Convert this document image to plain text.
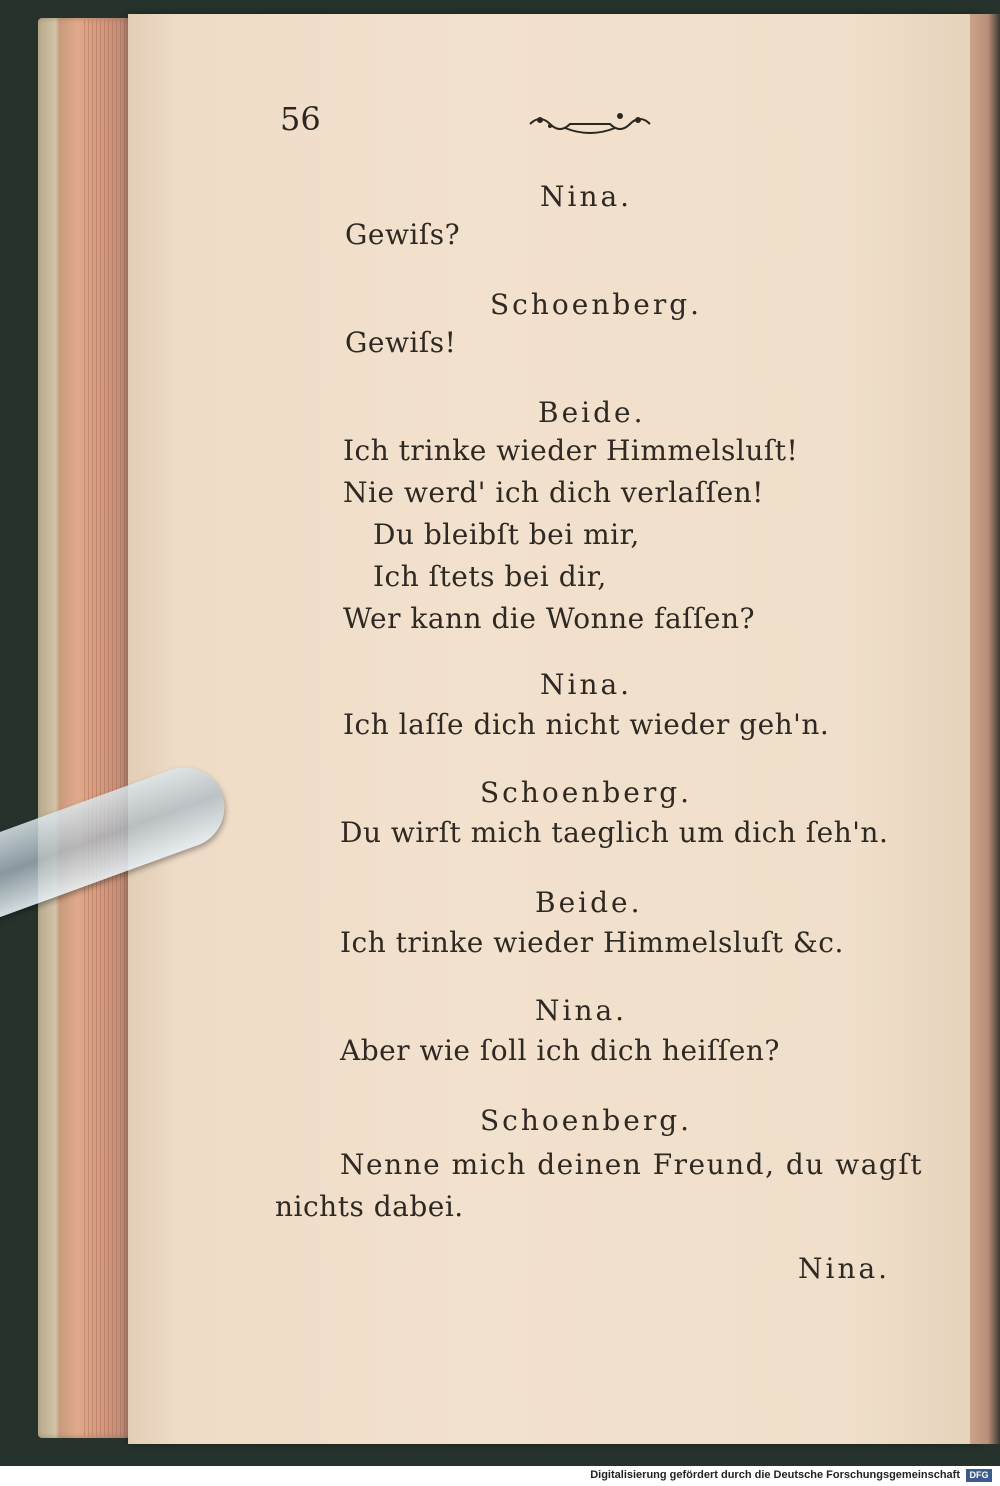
56
Nina.
Gewiſs?
Schoenberg.
Gewiſs!
Beide.
Ich trinke wieder Himmelsluſt!
Nie werd' ich dich verlaſſen!
Du bleibſt bei mir,
Ich ſtets bei dir,
Wer kann die Wonne faſſen?
Nina.
Ich laſſe dich nicht wieder geh'n.
Schoenberg.
Du wirſt mich taeglich um dich ſeh'n.
Beide.
Ich trinke wieder Himmelsluſt &c.
Nina.
Aber wie ſoll ich dich heiſſen?
Schoenberg.
Nenne mich deinen Freund, du wagſt
nichts dabei.
Nina.
Digitalisierung gefördert durch die Deutsche Forschungsgemeinschaft	DFG
